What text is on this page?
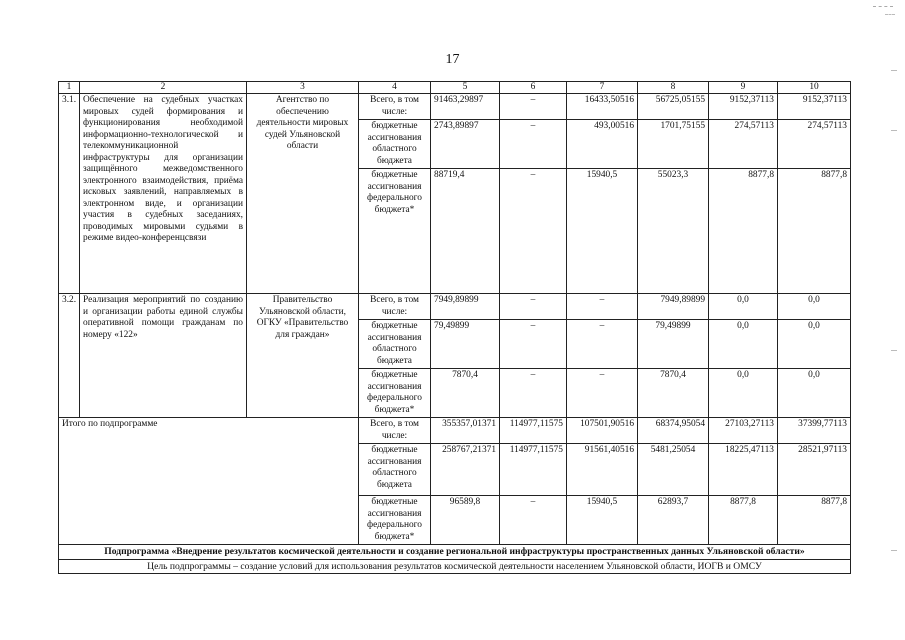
17
1	2	3	4	5	6	7	8	9	10
3.1.	Обеспечение на судебных участках мировых судей формирования и функционирования необходимой информационно-технологической и телекоммуникационной инфраструктуры для организации защищённого межведомственного электронного взаимодействия, приёма исковых заявлений, направляемых в электронном виде, и организации участия в судебных заседаниях, проводимых мировыми судьями в режиме видео-конференцсвязи	Агентство по обеспечению деятельности мировых судей Ульяновской области	Всего, в том числе:	91463,29897	–	16433,50516	56725,05155	9152,37113	9152,37113
			бюджетные ассигнования областного бюджета	2743,89897	–	493,00516	1701,75155	274,57113	274,57113
			бюджетные ассигнования федерального бюджета*	88719,4	–	15940,5	55023,3	8877,8	8877,8
3.2.	Реализация мероприятий по созданию и организации работы единой службы оперативной помощи гражданам по номеру «122»	Правительство Ульяновской области, ОГКУ «Правительство для граждан»	Всего, в том числе:	7949,89899	–	–	7949,89899	0,0	0,0
			бюджетные ассигнования областного бюджета	79,49899	–	–	79,49899	0,0	0,0
			бюджетные ассигнования федерального бюджета*	7870,4	–	–	7870,4	0,0	0,0
Итого по подпрограмме			Всего, в том числе:	355357,01371	114977,11575	107501,90516	68374,95054	27103,27113	37399,77113
			бюджетные ассигнования областного бюджета	258767,21371	114977,11575	91561,40516	5481,25054	18225,47113	28521,97113
			бюджетные ассигнования федерального бюджета*	96589,8	–	15940,5	62893,7	8877,8	8877,8
Подпрограмма «Внедрение результатов космической деятельности и создание региональной инфраструктуры пространственных данных Ульяновской области»									
Цель подпрограммы – создание условий для использования результатов космической деятельности населением Ульяновской области, ИОГВ и ОМСУ									
